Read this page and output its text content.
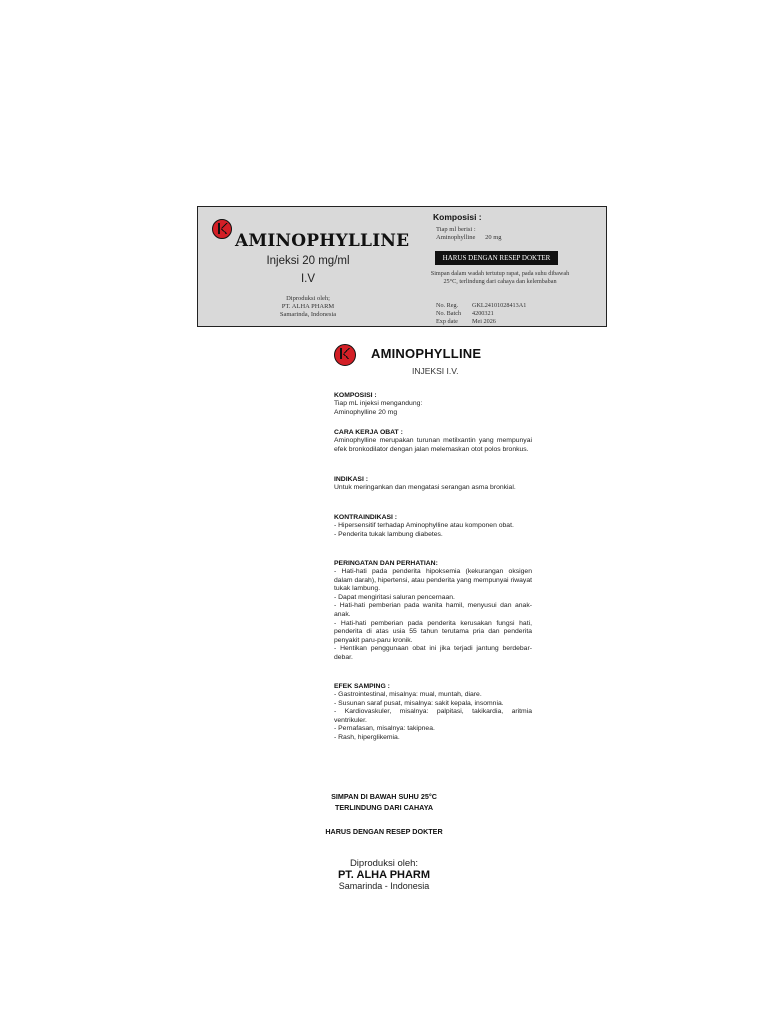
AMINOPHYLLINE
Injeksi 20 mg/ml
I.V
Diproduksi oleh;
PT. ALHA PHARM
Samarinda, Indonesia
Komposisi :
Tiap ml berisi :
Aminophylline      20 mg
HARUS DENGAN RESEP DOKTER
Simpan dalam wadah tertutup rapat, pada suhu dibawah 25°C, terlindung dari cahaya dan kelembaban
No. Reg. GKL24101028413A1
No. Batch 4200321
Exp date Mei 2026
AMINOPHYLLINE
INJEKSI I.V.
KOMPOSISI :
Tiap mL injeksi mengandung:
Aminophylline 20 mg
CARA KERJA OBAT :
Aminophylline merupakan turunan metilxantin yang mempunyai efek bronkodilator dengan jalan melemaskan otot polos bronkus.
INDIKASI :
Untuk meringankan dan mengatasi serangan asma bronkial.
KONTRAINDIKASI :
- Hipersensitif terhadap Aminophylline atau komponen obat.
- Penderita tukak lambung diabetes.
PERINGATAN DAN PERHATIAN:
- Hati-hati pada penderita hipoksemia (kekurangan oksigen dalam darah), hipertensi, atau penderita yang mempunyai riwayat tukak lambung.
- Dapat mengiritasi saluran pencernaan.
- Hati-hati pemberian pada wanita hamil, menyusui dan anak-anak.
- Hati-hati pemberian pada penderita kerusakan fungsi hati, penderita di atas usia 55 tahun terutama pria dan penderita penyakit paru-paru kronik.
- Hentikan penggunaan obat ini jika terjadi jantung berdebar-debar.
EFEK SAMPING :
- Gastrointestinal, misalnya: mual, muntah, diare.
- Susunan saraf pusat, misalnya: sakit kepala, insomnia.
- Kardiovaskuler, misalnya: palpitasi, takikardia, aritmia ventrikuler.
- Pernafasan, misalnya: takipnea.
- Rash, hiperglikemia.
SIMPAN DI BAWAH SUHU 25°C
TERLINDUNG DARI CAHAYA
HARUS DENGAN RESEP DOKTER
Diproduksi oleh:
PT. ALHA PHARM
Samarinda - Indonesia
